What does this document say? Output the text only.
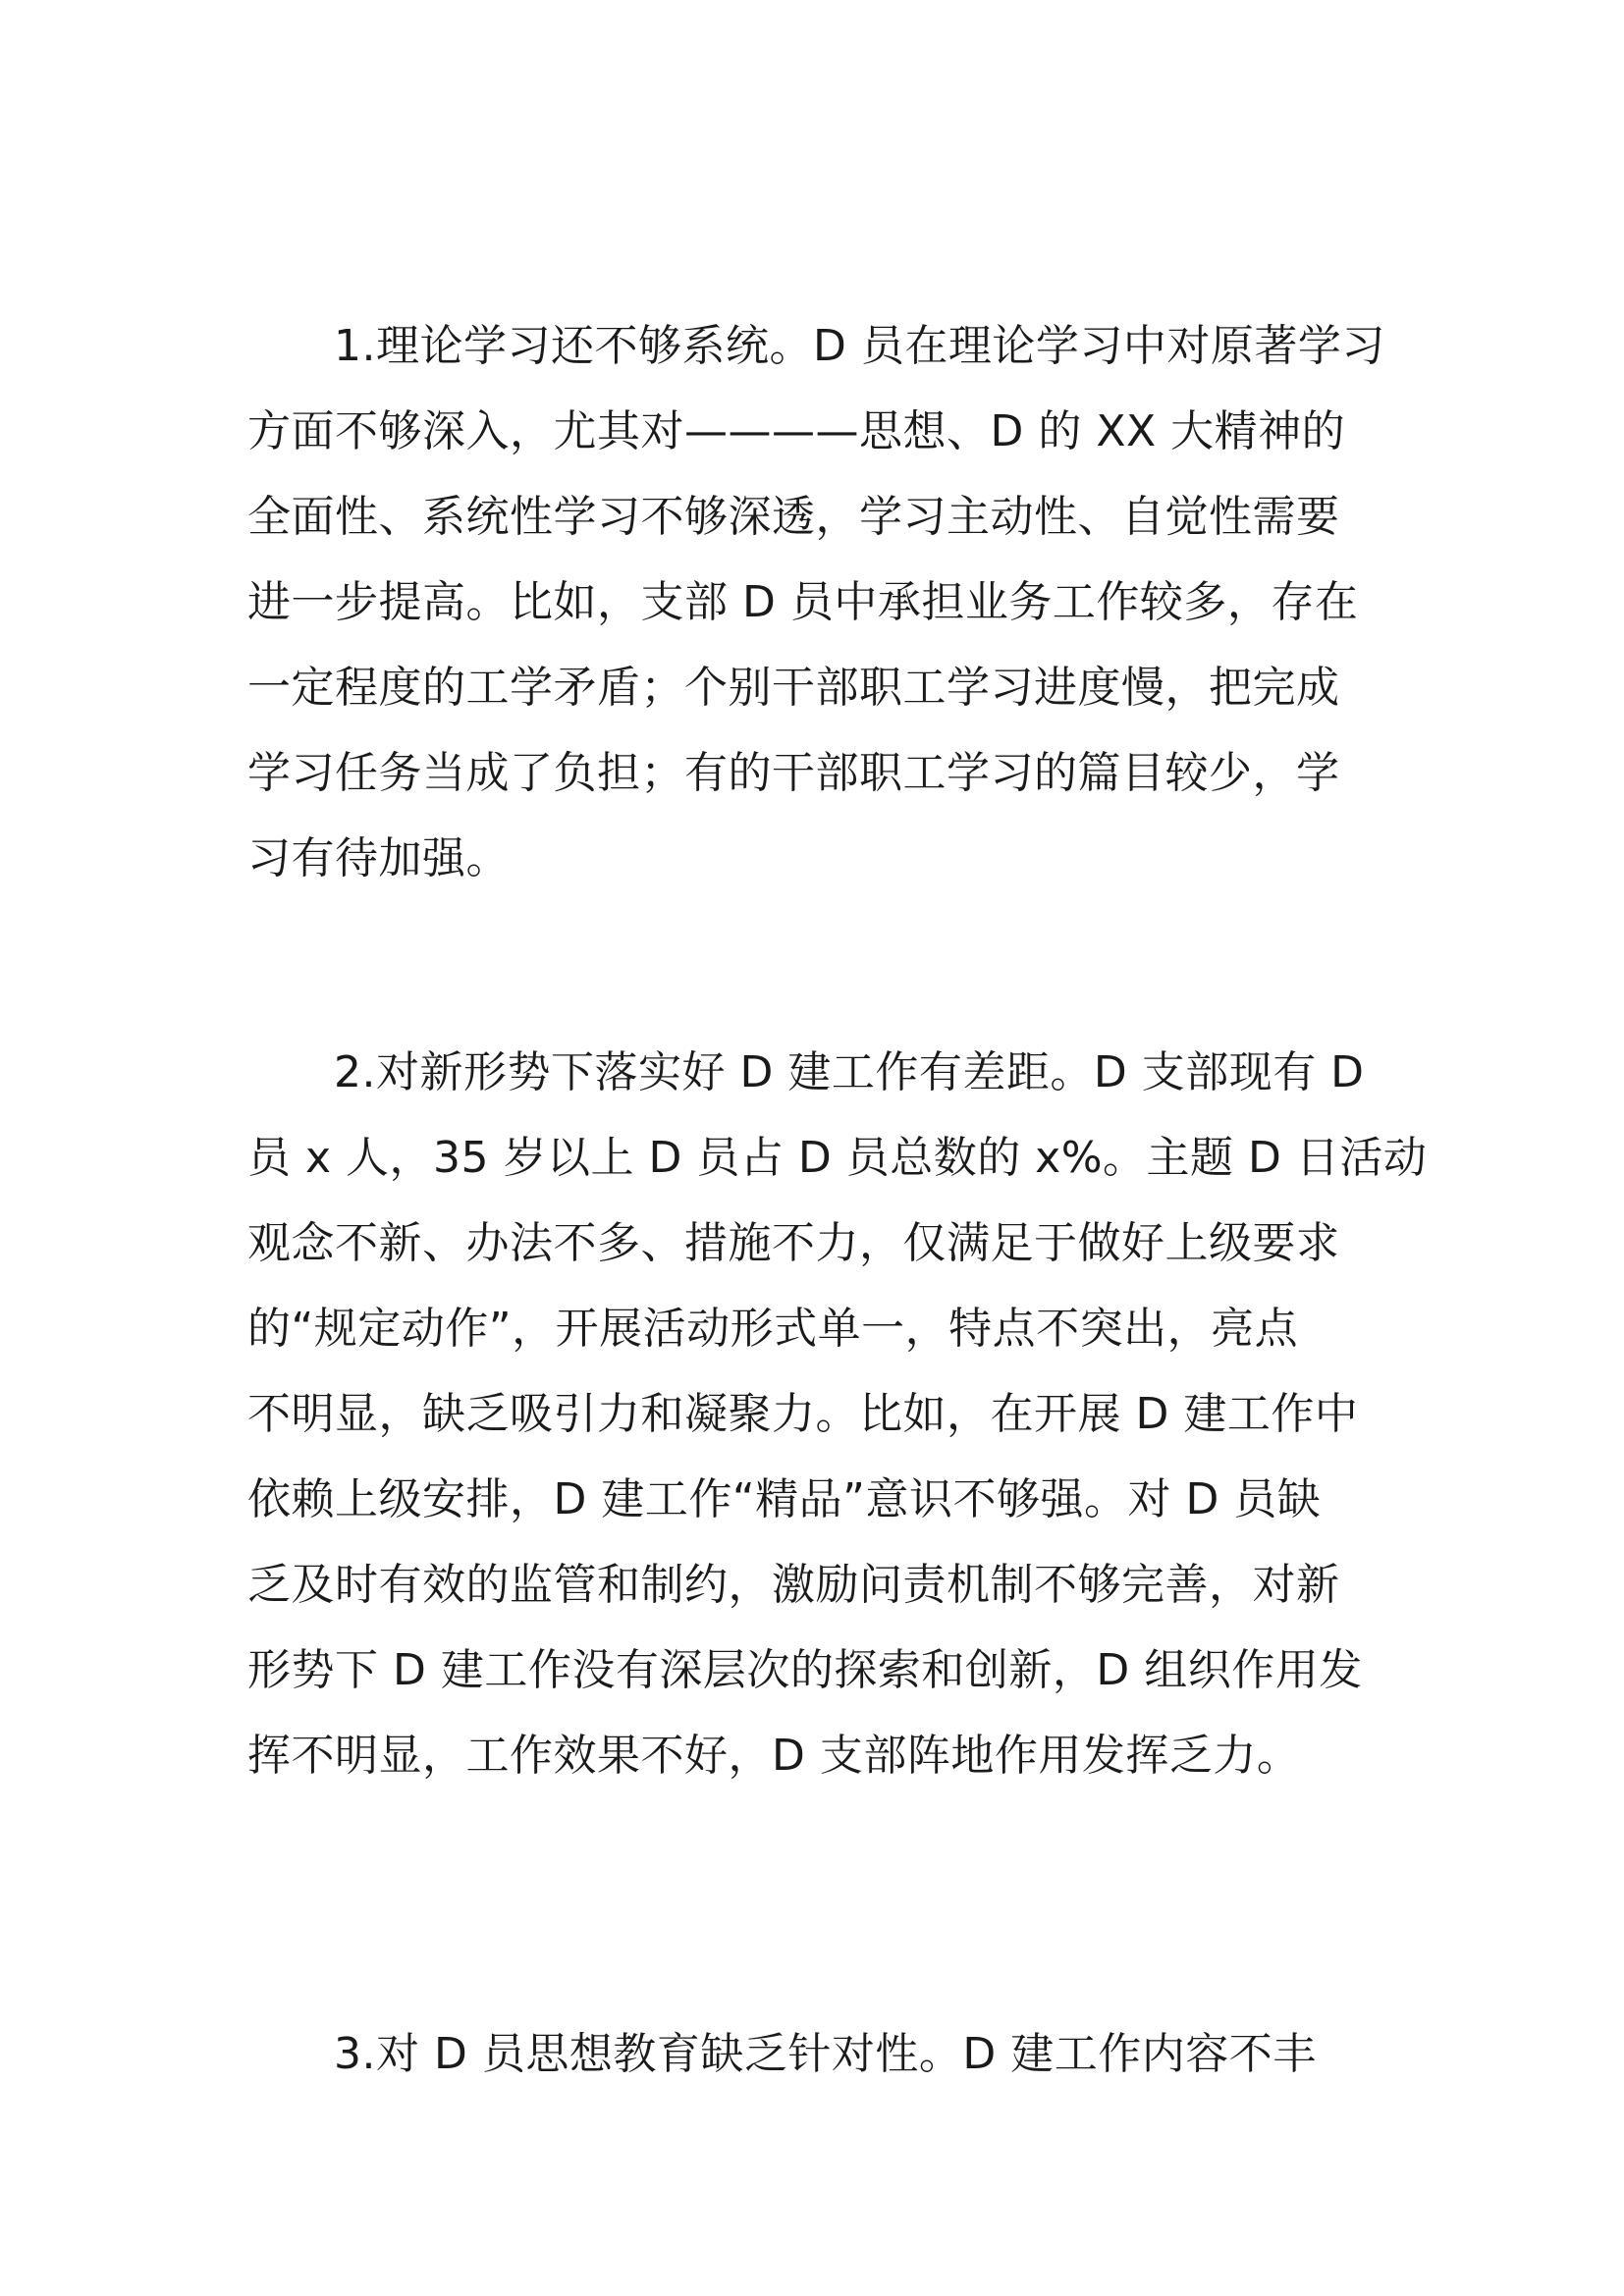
1.理论学习还不够系统。D 员在理论学习中对原著学习
方面不够深入，尤其对————思想、D 的 XX 大精神的
全面性、系统性学习不够深透，学习主动性、自觉性需要
进一步提高。比如，支部 D 员中承担业务工作较多，存在
一定程度的工学矛盾；个别干部职工学习进度慢，把完成
学习任务当成了负担；有的干部职工学习的篇目较少，学
习有待加强。
2.对新形势下落实好 D 建工作有差距。D 支部现有 D
员 x 人，35 岁以上 D 员占 D 员总数的 x%。主题 D 日活动
观念不新、办法不多、措施不力，仅满足于做好上级要求
的“规定动作”，开展活动形式单一，特点不突出，亮点
不明显，缺乏吸引力和凝聚力。比如，在开展 D 建工作中
依赖上级安排，D 建工作“精品”意识不够强。对 D 员缺
乏及时有效的监管和制约，激励问责机制不够完善，对新
形势下 D 建工作没有深层次的探索和创新，D 组织作用发
挥不明显，工作效果不好，D 支部阵地作用发挥乏力。
3.对 D 员思想教育缺乏针对性。D 建工作内容不丰
